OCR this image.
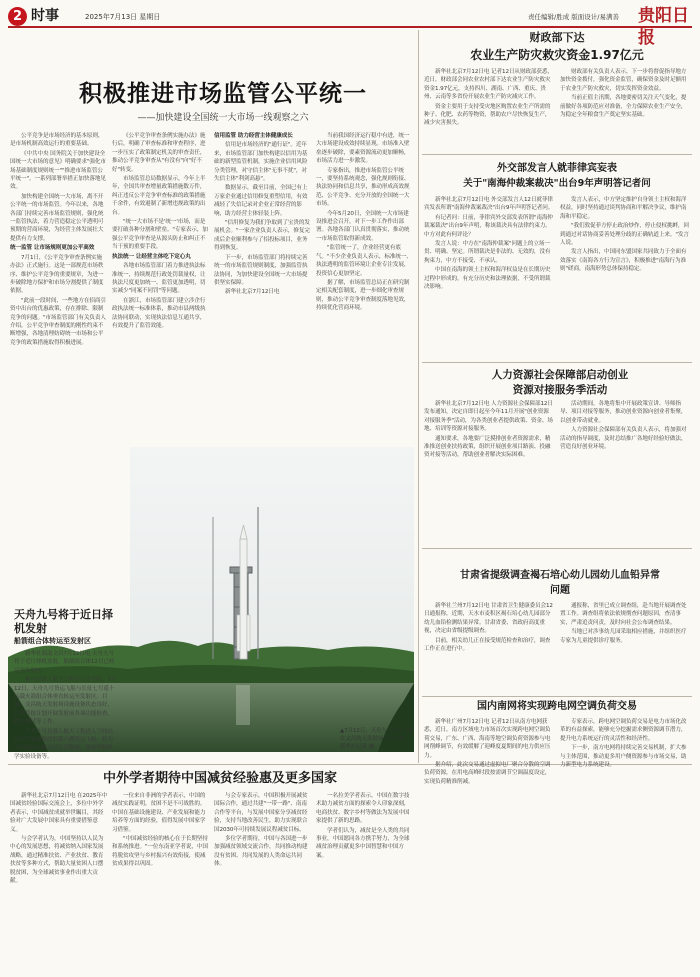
2 时事	2025年7月13日 星期日	责任编辑/胜成 版面设计/易满善 贵阳日报
积极推进市场监管公平统一
——加快建设全国统一大市场一线观察之六

公平竞争是市场经济的基本原则，是市场机制高效运行的重要基础。

《中共中央 国务院关于加快建设全国统一大市场的意见》明确要求"强化市场基础制度规则统一""推进市场监管公平统一"。一系列部署举措正加快落地见效。

加快构建全国统一大市场，离不开公平统一的市场监管。今年以来，各地各部门持续完善市场监管规则，强化统一监管执法，着力营造稳定公平透明可预期的营商环境，为经营主体发展壮大提供有力支撑。

统一监管 让市场规则更加公平高效

7月1日，《公平竞争审查条例实施办法》正式施行。这是一部规范市场秩序、维护公平竞争的重要规章，为进一步破除地方保护和市场分割提供了制度依据。

"此前一段时间，一些地方在招商引资中出台的优惠政策，存在排除、限制竞争的问题。"市场监管部门有关负责人介绍，公平竞争审查制度的刚性约束不断增强，各地清理妨碍统一市场和公平竞争的政策措施取得积极进展。

《公平竞争审查条例实施办法》施行后，明确了审查标准和审查程序，进一步压实了政策制定机关的审查责任，推动公平竞争审查从"有没有"向"好不好"转变。

市场监管总局数据显示，今年上半年，全国共审查增量政策措施数万件，纠正违反公平竞争审查标准的政策措施千余件，有效遏制了新增违规政策的出台。

"统一大市场不是'统一'市场，而是要打破各种分割和壁垒。"专家表示，加强公平竞争审查是从源头防止和纠正不当干预的重要手段。

执法统一 让经营主体吃下定心丸

各地市场监管部门着力推进执法标准统一，持续规范行政处罚裁量权，让执法尺度更加统一、监管更加透明，切实减少"同案不同罚"等问题。

在浙江，市场监管部门建立涉企行政执法统一标准体系，推动市县两级执法协同联动，实现执法信息互通共享，有效提升了监管效能。

信用监管 助力经营主体健康成长

信用是市场经济的"通行证"。近年来，市场监管部门加快构建以信用为基础的新型监管机制，实施企业信用风险分类管理，对守信主体"无事不扰"，对失信主体"利剑高悬"。

数据显示，截至目前，全国已有上万家企业通过信用修复重塑信用，有效减轻了失信记录对企业正常经营的影响，助力经营主体轻装上阵。

"信用修复为我们争取到了宝贵的发展机会。"一家企业负责人表示，修复完成后企业顺利参与了招投标项目，业务得到恢复。

下一步，市场监管部门将持续完善统一的市场监管规则制度，加强监管执法协同，为加快建设全国统一大市场提供坚实保障。

新华社北京7月12日电

当前我国经济运行稳中有进，统一大市场建设成效持续显现。市场准入壁垒逐步破除，要素资源流动更加顺畅，市场活力进一步激发。

专家指出，推进市场监管公平统一，要坚持系统观念，强化规则衔接、执法协同和信息共享，推动形成高效规范、公平竞争、充分开放的全国统一大市场。

今年5月20日，全国统一大市场建设推进会召开，对下一步工作作出部署。各地各部门认真贯彻落实，推动统一市场监管取得新成效。

"监管统一了，企业经营更有底气。"不少企业负责人表示，标准统一、执法透明的监管环境让企业专注发展，投资信心更加坚定。

据了解，市场监管总局正在研究制定相关配套制度，进一步细化审查规则，推动公平竞争审查制度落地见效，持续优化营商环境。

天舟九号将于近日择机发射
船箭组合体转运至发射区

新华社海南文昌7月12日电 天舟九号将于近日择机发射，船箭组合体12日已转运至发射区。

据中国载人航天工程办公室介绍，7月12日，天舟九号货运飞船与长征七号遥十运载火箭组合体垂直转运至发射区。目前，文昌航天发射场设施设备状态良好，后续将按计划开展发射前各项功能检查、联合测试等工作。

天舟九号是载人航天工程进入空间站应用与发展阶段的第六艘货运飞船，将为空间站运送航天员生活物资、推进剂和科学实验设备等。

▲7月12日，天舟九号货运飞船在文昌航天发射场点火发射。新华社记者 摄
中外学者期待中国减贫经验惠及更多国家

新华社北京7月12日电 在2025年中国减贫经验国际交流会上，多位中外学者表示，中国减贫成就举世瞩目，其经验对广大发展中国家具有重要借鉴意义。

与会学者认为，中国坚持以人民为中心的发展思想，将减贫纳入国家发展战略，通过精准扶贫、产业扶贫、教育扶贫等多种方式，帮助大量贫困人口摆脱贫困，为全球减贫事业作出重大贡献。

一位来自非洲的学者表示，中国的减贫实践证明，贫困不是不可战胜的。中国在基础设施建设、产业发展和能力培养等方面的经验，值得发展中国家学习借鉴。

"中国减贫经验的核心在于长期坚持和系统推进。"一位东南亚学者说，中国将脱贫攻坚与乡村振兴有效衔接，使减贫成果得以巩固。

与会专家表示，中国积极开展减贫国际合作，通过共建"一带一路"、南南合作等平台，与发展中国家分享减贫经验，支持当地改善民生，助力实现联合国2030年可持续发展议程减贫目标。

多位学者期待，中国与各国进一步加强减贫领域交流合作，共同推动构建没有贫困、共同发展的人类命运共同体。

一名拉美学者表示，中国在数字技术助力减贫方面的探索令人印象深刻，电商扶贫、数字乡村等做法为发展中国家提供了新的思路。

学者们认为，减贫是全人类的共同事业，中国愿同各方携手努力，为全球减贫治理贡献更多中国智慧和中国方案。

财政部下达
农业生产防灾救灾资金1.97亿元

新华社北京7月12日电 记者12日从财政部获悉，近日，财政部会同农业农村部下达农业生产防灾救灾资金1.97亿元，支持四川、湖南、广西、重庆、贵州、云南等多省份开展农业生产防灾减灾工作。

资金主要用于支持受灾地区购置农业生产所需的种子、化肥、农药等物资，帮助农户尽快恢复生产，减少灾害损失。

财政部有关负责人表示，下一步将督促指导地方加快资金拨付，强化资金监管，确保资金及时足额用于农业生产防灾救灾，切实发挥资金效益。

当前正值主汛期，各地要密切关注天气变化，提前做好各项防范应对准备，全力保障农业生产安全，为稳定全年粮食生产奠定坚实基础。

外交部发言人就菲律宾妄表
关于"南海仲裁案裁决"出台9年声明答记者问

新华社北京7月12日电 外交部发言人12日就菲律宾发表所谓"南海仲裁案裁决"出台9年声明答记者问。

有记者问：日前，菲律宾外交部发表所谓"南海仲裁案裁决"出台9年声明，称该裁决具有法律约束力。中方对此有何评论？

发言人说：中方在"南海仲裁案"问题上的立场一贯、明确、坚定。所谓裁决是非法的、无效的，没有拘束力，中方不接受、不承认。

中国在南海的领土主权和海洋权益是在长期历史过程中形成的，有充分历史和法理依据，不受所谓裁决影响。

发言人表示，中方坚定维护自身领土主权和海洋权益，同时坚持通过谈判协商和平解决争议，维护南海和平稳定。

"我们敦促菲方停止政治炒作，停止侵权挑衅，回到通过对话协商妥善处理分歧的正确轨道上来。"发言人说。

发言人指出，中国同东盟国家共同致力于全面有效落实《南海各方行为宣言》，积极推进"南海行为准则"磋商，南海形势总体保持稳定。

人力资源社会保障部启动创业资源对接服务季活动

新华社北京7月12日电 人力资源社会保障部12日发布通知，决定自即日起至今年11月开展"创业资源对接服务季"活动，为各类创业者提供政策、资金、场地、培训等资源对接服务。

通知要求，各地要广泛摸排创业者资源需求，精准推送创业扶持政策，组织开展创业项目路演、投融资对接等活动，帮助创业者解决实际困难。

活动期间，各地将集中开展政策宣讲、导师指导、项目对接等服务，推动创业资源向创业者集聚，以创业带动就业。

人力资源社会保障部有关负责人表示，将加强对活动的指导调度，及时总结推广各地好经验好做法，营造良好创业环境。

甘肃省提级调查褐石培心幼儿园幼儿血铅异常问题

新华社兰州7月12日电 甘肃省卫生健康委员会12日通报称，近期，天水市麦积区褐石培心幼儿园部分幼儿血铅检测结果异常。甘肃省委、省政府高度重视，决定由省级提级调查。

目前，相关幼儿正在接受规范检查和治疗，调查工作正在进行中。

通报称，省里已成立调查组，赴当地开展调查处置工作。调查组将依法依规彻查问题原因，查清事实，严肃追责问责，及时向社会公布调查结果。

当地已对涉事幼儿园采取相应措施，并组织医疗专家为儿童提供诊疗服务。

国内南网将实现跨电网空调负荷交易

新华社广州7月12日电 记者12日从南方电网获悉，近日，南方区域电力市场首次实现跨电网空调负荷交易，广东、广西、海南等地空调负荷资源参与电网削峰调节，有效缓解了迎峰度夏期间的电力供应压力。

据介绍，此次交易通过虚拟电厂聚合分散的空调负荷资源，在用电高峰时段按需调节空调温度设定，实现负荷精准削减。

专家表示，跨电网空调负荷交易是电力市场化改革的有益探索，能够充分挖掘需求侧资源调节潜力，提升电力系统运行的灵活性和经济性。

下一步，南方电网将持续完善交易机制，扩大参与主体范围，推动更多用户侧资源参与市场交易，助力新型电力系统建设。
